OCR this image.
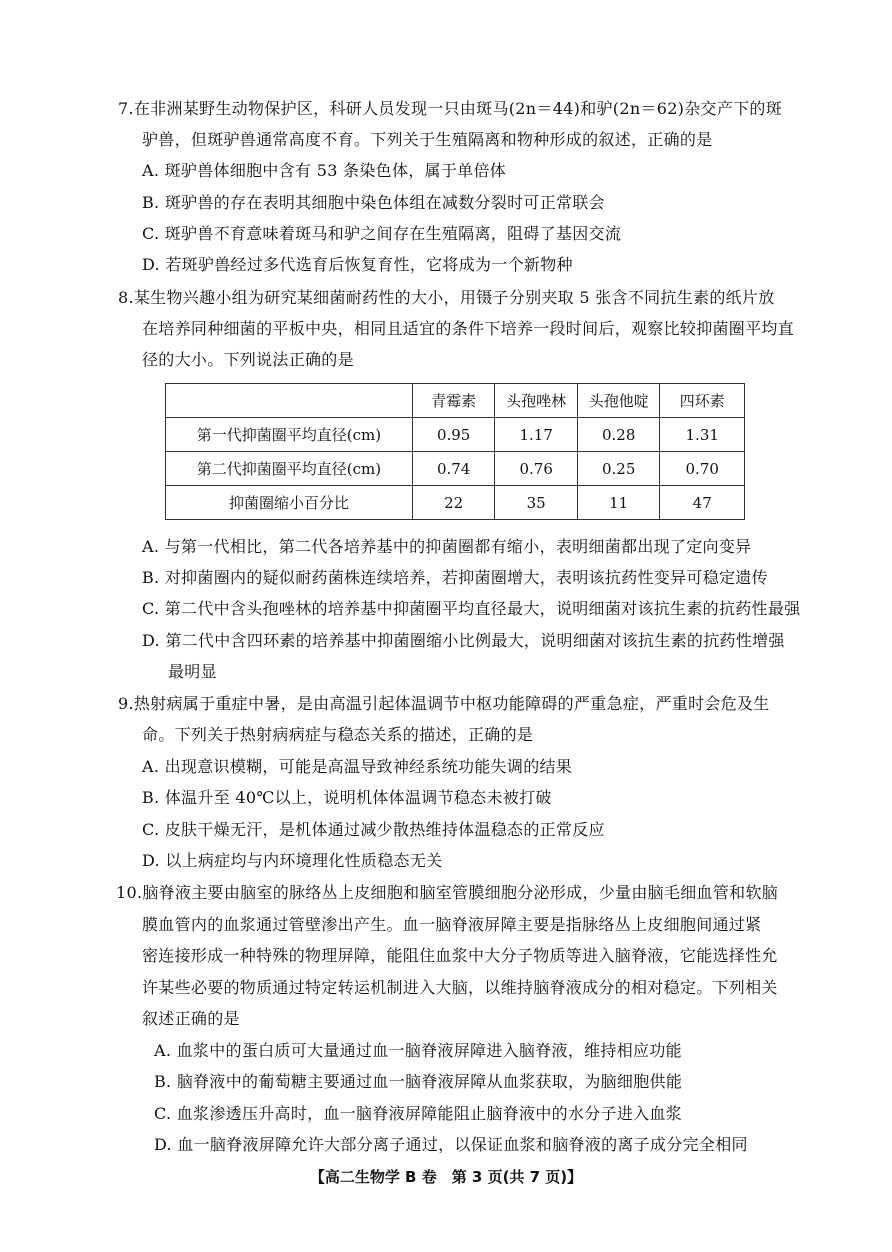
7.在非洲某野生动物保护区，科研人员发现一只由斑马(2n＝44)和驴(2n＝62)杂交产下的斑
驴兽，但斑驴兽通常高度不育。下列关于生殖隔离和物种形成的叙述，正确的是
A. 斑驴兽体细胞中含有 53 条染色体，属于单倍体
B. 斑驴兽的存在表明其细胞中染色体组在减数分裂时可正常联会
C. 斑驴兽不育意味着斑马和驴之间存在生殖隔离，阻碍了基因交流
D. 若斑驴兽经过多代选育后恢复育性，它将成为一个新物种
8.某生物兴趣小组为研究某细菌耐药性的大小，用镊子分别夹取 5 张含不同抗生素的纸片放
在培养同种细菌的平板中央，相同且适宜的条件下培养一段时间后，观察比较抑菌圈平均直
径的大小。下列说法正确的是
	青霉素	头孢唑林	头孢他啶	四环素
第一代抑菌圈平均直径(cm)	0.95	1.17	0.28	1.31
第二代抑菌圈平均直径(cm)	0.74	0.76	0.25	0.70
抑菌圈缩小百分比	22	35	11	47
A. 与第一代相比，第二代各培养基中的抑菌圈都有缩小，表明细菌都出现了定向变异
B. 对抑菌圈内的疑似耐药菌株连续培养，若抑菌圈增大，表明该抗药性变异可稳定遗传
C. 第二代中含头孢唑林的培养基中抑菌圈平均直径最大，说明细菌对该抗生素的抗药性最强
D. 第二代中含四环素的培养基中抑菌圈缩小比例最大，说明细菌对该抗生素的抗药性增强
最明显
9.热射病属于重症中暑，是由高温引起体温调节中枢功能障碍的严重急症，严重时会危及生
命。下列关于热射病病症与稳态关系的描述，正确的是
A. 出现意识模糊，可能是高温导致神经系统功能失调的结果
B. 体温升至 40℃以上，说明机体体温调节稳态未被打破
C. 皮肤干燥无汗，是机体通过减少散热维持体温稳态的正常反应
D. 以上病症均与内环境理化性质稳态无关
10.脑脊液主要由脑室的脉络丛上皮细胞和脑室管膜细胞分泌形成，少量由脑毛细血管和软脑
膜血管内的血浆通过管壁渗出产生。血一脑脊液屏障主要是指脉络丛上皮细胞间通过紧
密连接形成一种特殊的物理屏障，能阻住血浆中大分子物质等进入脑脊液，它能选择性允
许某些必要的物质通过特定转运机制进入大脑，以维持脑脊液成分的相对稳定。下列相关
叙述正确的是
A. 血浆中的蛋白质可大量通过血一脑脊液屏障进入脑脊液，维持相应功能
B. 脑脊液中的葡萄糖主要通过血一脑脊液屏障从血浆获取，为脑细胞供能
C. 血浆渗透压升高时，血一脑脊液屏障能阻止脑脊液中的水分子进入血浆
D. 血一脑脊液屏障允许大部分离子通过，以保证血浆和脑脊液的离子成分完全相同
【高二生物学 B 卷　第 3 页(共 7 页)】
